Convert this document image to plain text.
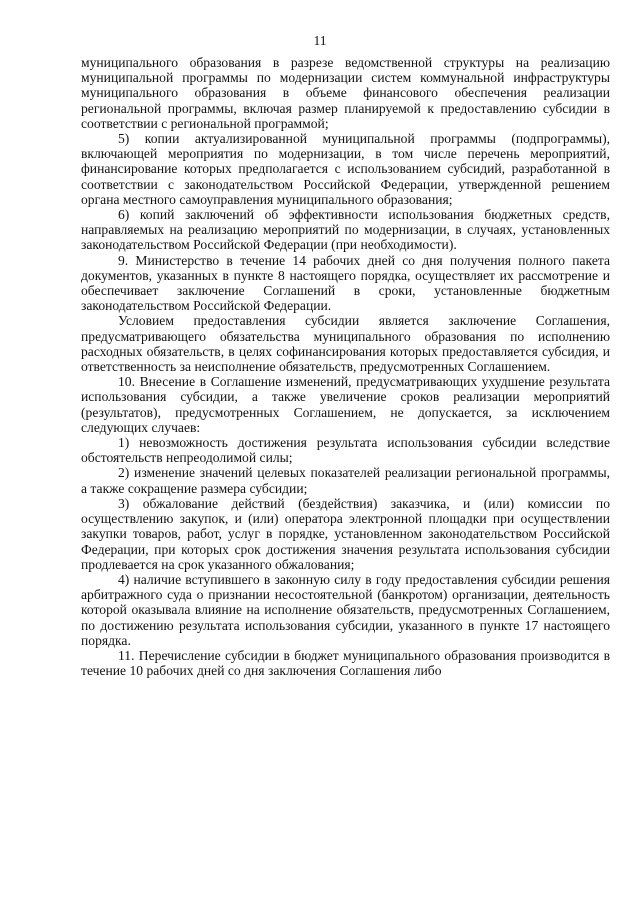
11

муниципального образования в разрезе ведомственной структуры на реализацию муниципальной программы по модернизации систем коммунальной инфраструктуры муниципального образования в объеме финансового обеспечения реализации региональной программы, включая размер планируемой к предоставлению субсидии в соответствии с региональной программой;

5) копии актуализированной муниципальной программы (подпрограммы), включающей мероприятия по модернизации, в том числе перечень мероприятий, финансирование которых предполагается с использованием субсидий, разработанной в соответствии с законодательством Российской Федерации, утвержденной решением органа местного самоуправления муниципального образования;

6) копий заключений об эффективности использования бюджетных средств, направляемых на реализацию мероприятий по модернизации, в случаях, установленных законодательством Российской Федерации (при необходимости).

9. Министерство в течение 14 рабочих дней со дня получения полного пакета документов, указанных в пункте 8 настоящего порядка, осуществляет их рассмотрение и обеспечивает заключение Соглашений в сроки, установленные бюджетным законодательством Российской Федерации.

Условием предоставления субсидии является заключение Соглашения, предусматривающего обязательства муниципального образования по исполнению расходных обязательств, в целях софинансирования которых предоставляется субсидия, и ответственность за неисполнение обязательств, предусмотренных Соглашением.

10. Внесение в Соглашение изменений, предусматривающих ухудшение результата использования субсидии, а также увеличение сроков реализации мероприятий (результатов), предусмотренных Соглашением, не допускается, за исключением следующих случаев:

1) невозможность достижения результата использования субсидии вследствие обстоятельств непреодолимой силы;

2) изменение значений целевых показателей реализации региональной программы, а также сокращение размера субсидии;

3) обжалование действий (бездействия) заказчика, и (или) комиссии по осуществлению закупок, и (или) оператора электронной площадки при осуществлении закупки товаров, работ, услуг в порядке, установленном законодательством Российской Федерации, при которых срок достижения значения результата использования субсидии продлевается на срок указанного обжалования;

4) наличие вступившего в законную силу в году предоставления субсидии решения арбитражного суда о признании несостоятельной (банкротом) организации, деятельность которой оказывала влияние на исполнение обязательств, предусмотренных Соглашением, по достижению результата использования субсидии, указанного в пункте 17 настоящего порядка.

11. Перечисление субсидии в бюджет муниципального образования производится в течение 10 рабочих дней со дня заключения Соглашения либо
